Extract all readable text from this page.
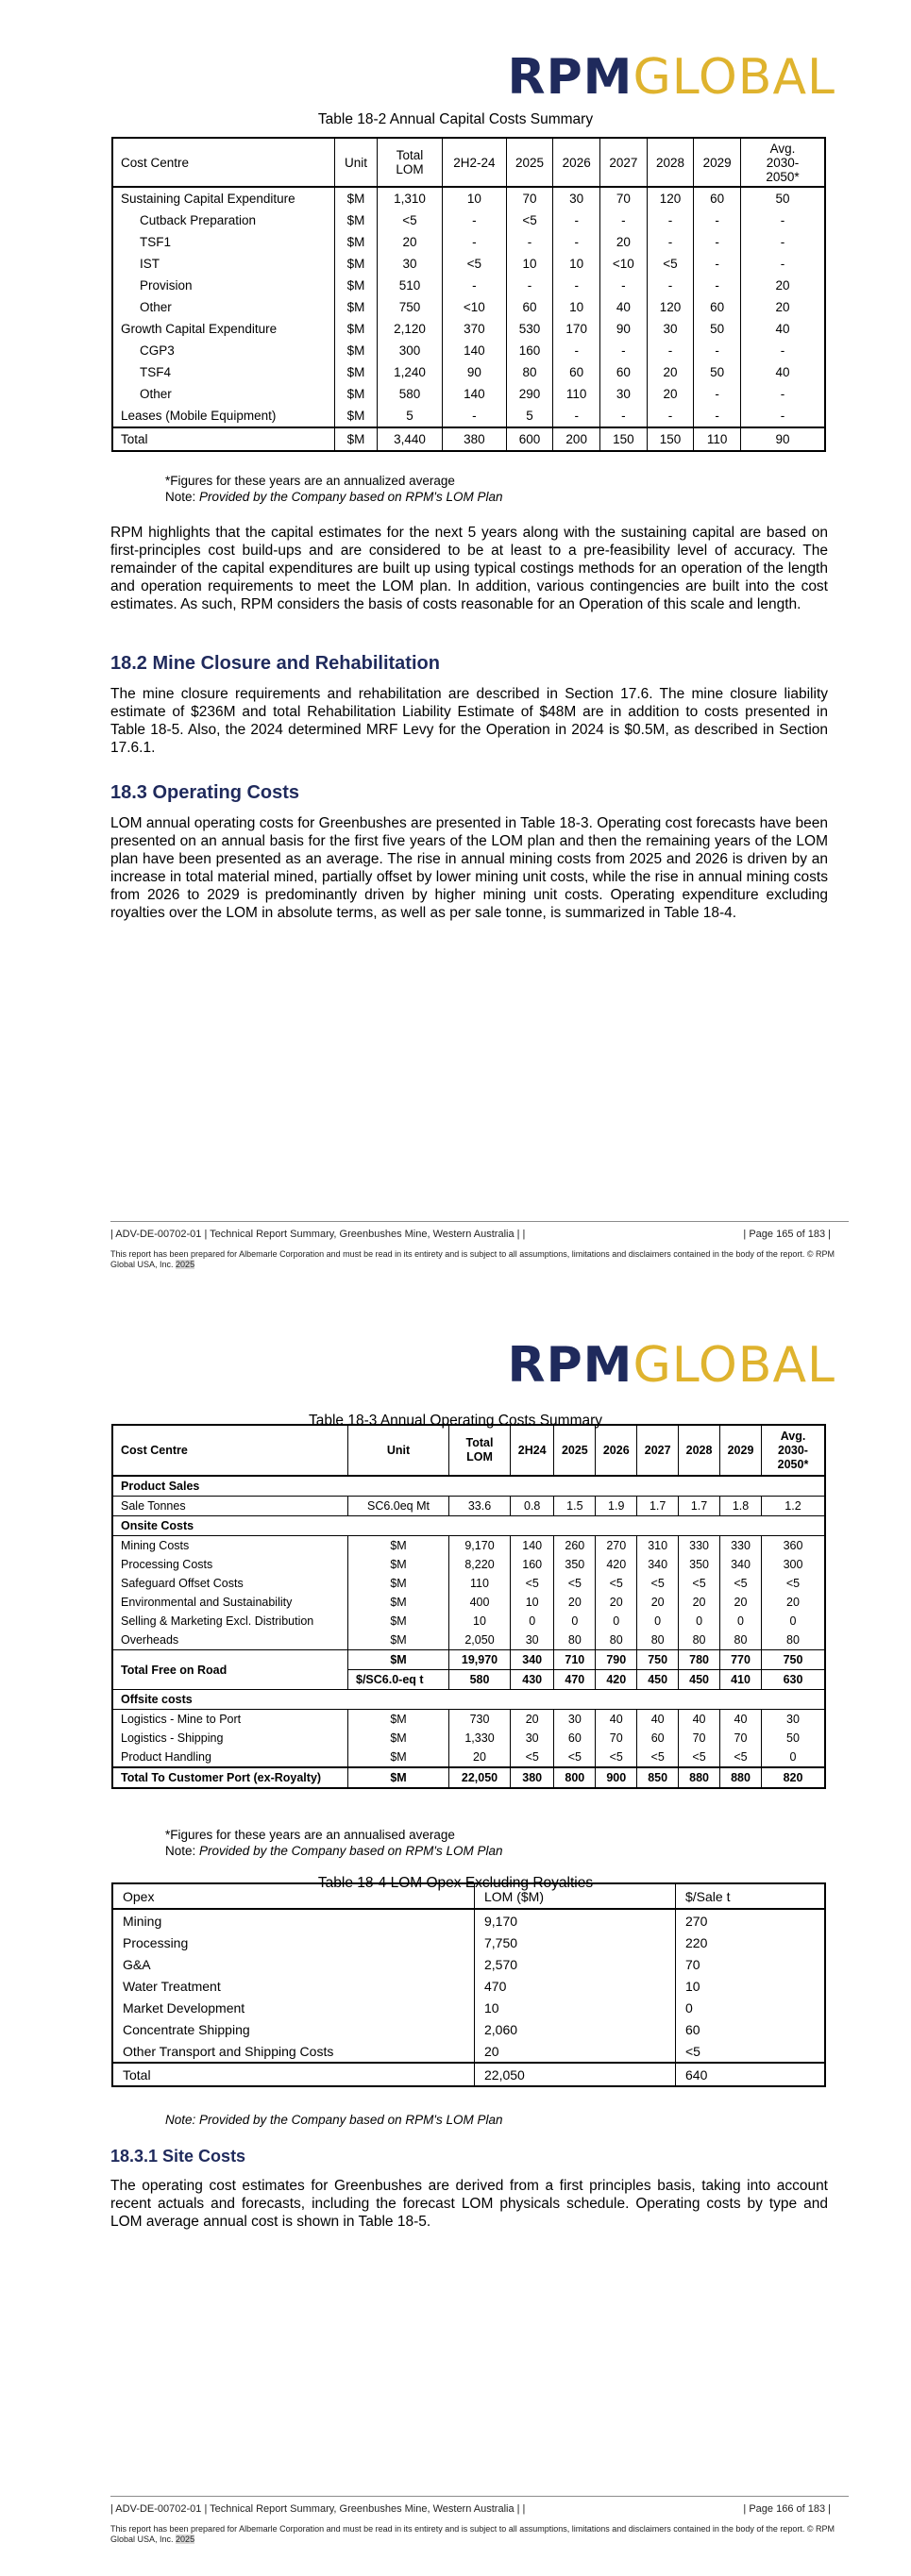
RPMGLOBAL
Table 18-2 Annual Capital Costs Summary
Cost Centre	Unit	Total LOM	2H2-24	2025	2026	2027	2028	2029	Avg. 2030-2050*
Sustaining Capital Expenditure	$M	1,310	10	70	30	70	120	60	50
Cutback Preparation	$M	<5	-	<5	-	-	-	-	-
TSF1	$M	20	-	-	-	20	-	-	-
IST	$M	30	<5	10	10	<10	<5	-	-
Provision	$M	510	-	-	-	-	-	-	20
Other	$M	750	<10	60	10	40	120	60	20
Growth Capital Expenditure	$M	2,120	370	530	170	90	30	50	40
CGP3	$M	300	140	160	-	-	-	-	-
TSF4	$M	1,240	90	80	60	60	20	50	40
Other	$M	580	140	290	110	30	20	-	-
Leases (Mobile Equipment)	$M	5	-	5	-	-	-	-	-
Total	$M	3,440	380	600	200	150	150	110	90
*Figures for these years are an annualized average
Note: Provided by the Company based on RPM's LOM Plan

RPM highlights that the capital estimates for the next 5 years along with the sustaining capital are based on first-principles cost build-ups and are considered to be at least to a pre-feasibility level of accuracy. The remainder of the capital expenditures are built up using typical costings methods for an operation of the length and operation requirements to meet the LOM plan. In addition, various contingencies are built into the cost estimates. As such, RPM considers the basis of costs reasonable for an Operation of this scale and length.

18.2 Mine Closure and Rehabilitation

The mine closure requirements and rehabilitation are described in Section 17.6. The mine closure liability estimate of $236M and total Rehabilitation Liability Estimate of $48M are in addition to costs presented in Table 18-5. Also, the 2024 determined MRF Levy for the Operation in 2024 is $0.5M, as described in Section 17.6.1.

18.3 Operating Costs

LOM annual operating costs for Greenbushes are presented in Table 18-3. Operating cost forecasts have been presented on an annual basis for the first five years of the LOM plan and then the remaining years of the LOM plan have been presented as an average. The rise in annual mining costs from 2025 and 2026 is driven by an increase in total material mined, partially offset by lower mining unit costs, while the rise in annual mining costs from 2026 to 2029 is predominantly driven by higher mining unit costs. Operating expenditure excluding royalties over the LOM in absolute terms, as well as per sale tonne, is summarized in Table 18-4.

| ADV-DE-00702-01 | Technical Report Summary, Greenbushes Mine, Western Australia | |	| Page 165 of 183 |
This report has been prepared for Albemarle Corporation and must be read in its entirety and is subject to all assumptions, limitations and disclaimers contained in the body of the report. © RPM Global USA, Inc. 2025
RPMGLOBAL
Table 18-3 Annual Operating Costs Summary
*Figures for these years are an annualised average
Note: Provided by the Company based on RPM's LOM Plan
Table 18-4 LOM Opex Excluding Royalties
Note: Provided by the Company based on RPM's LOM Plan
18.3.1 Site Costs

The operating cost estimates for Greenbushes are derived from a first principles basis, taking into account recent actuals and forecasts, including the forecast LOM physicals schedule. Operating costs by type and LOM average annual cost is shown in Table 18-5.

| ADV-DE-00702-01 | Technical Report Summary, Greenbushes Mine, Western Australia | |	| Page 166 of 183 |
This report has been prepared for Albemarle Corporation and must be read in its entirety and is subject to all assumptions, limitations and disclaimers contained in the body of the report. © RPM Global USA, Inc. 2025
Cost Centre	Unit	Total LOM	2H24	2025	2026	2027	2028	2029	Avg. 2030-2050*
Product Sales									
Sale Tonnes	SC6.0eq Mt	33.6	0.8	1.5	1.9	1.7	1.7	1.8	1.2
Onsite Costs									
Mining Costs	$M	9,170	140	260	270	310	330	330	360
Processing Costs	$M	8,220	160	350	420	340	350	340	300
Safeguard Offset Costs	$M	110	<5	<5	<5	<5	<5	<5	<5
Environmental and Sustainability	$M	400	10	20	20	20	20	20	20
Selling & Marketing Excl. Distribution	$M	10	0	0	0	0	0	0	0
Overheads	$M	2,050	30	80	80	80	80	80	80
Total Free on Road	$M	19,970	340	710	790	750	780	770	750
	$/SC6.0-eq t	580	430	470	420	450	450	410	630
Offsite costs									
Logistics - Mine to Port	$M	730	20	30	40	40	40	40	30
Logistics - Shipping	$M	1,330	30	60	70	60	70	70	50
Product Handling	$M	20	<5	<5	<5	<5	<5	<5	0
Total To Customer Port (ex-Royalty)	$M	22,050	380	800	900	850	880	880	820
Opex	LOM ($M)	$/Sale t
Mining	9,170	270
Processing	7,750	220
G&A	2,570	70
Water Treatment	470	10
Market Development	10	0
Concentrate Shipping	2,060	60
Other Transport and Shipping Costs	20	<5
Total	22,050	640
